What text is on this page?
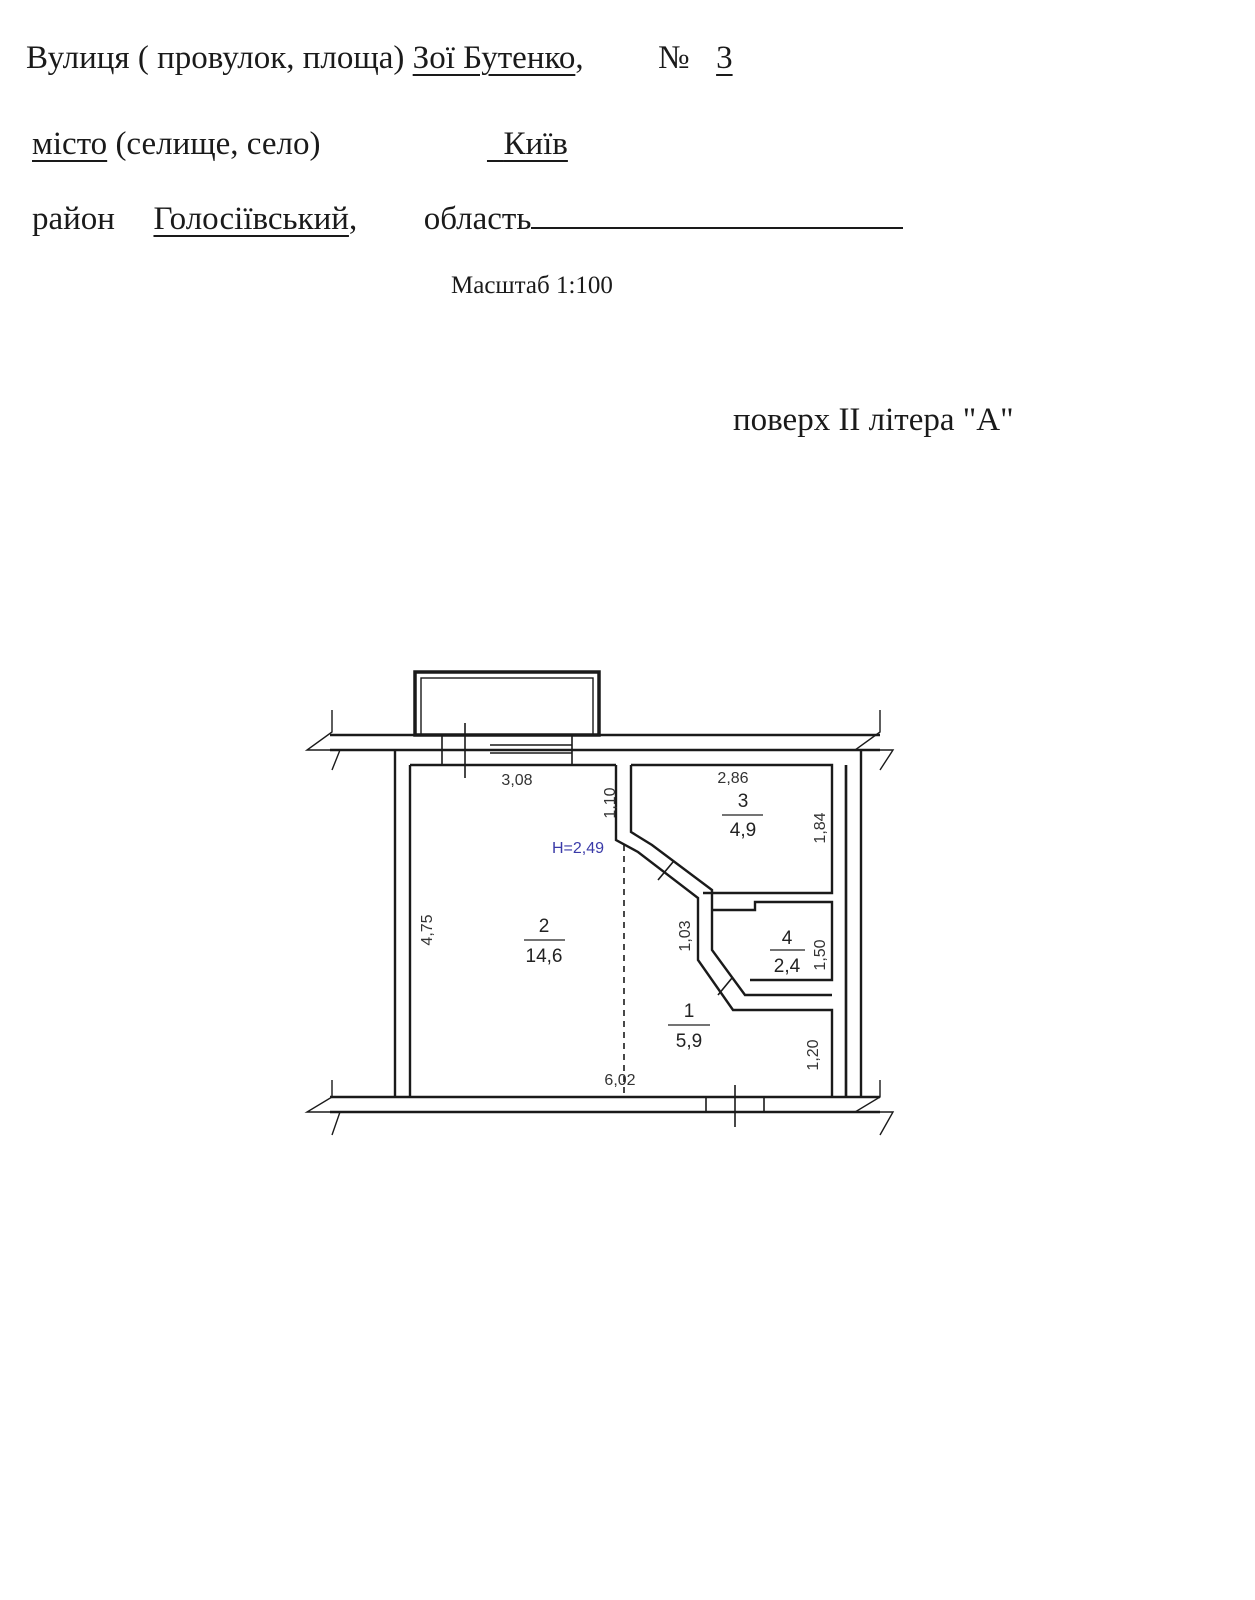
Вулиця ( провулок, площа) Зої Бутенко, № 3
місто (селище, село)	Київ
район Голосіївський, область
Масштаб 1:100
поверх II літера "А"
2
14,6
3
4,9
4
2,4
1
5,9
H=2,49
3,08
6,02
2,86
4,75
1,10
1,03
1,84
1,50
1,20
